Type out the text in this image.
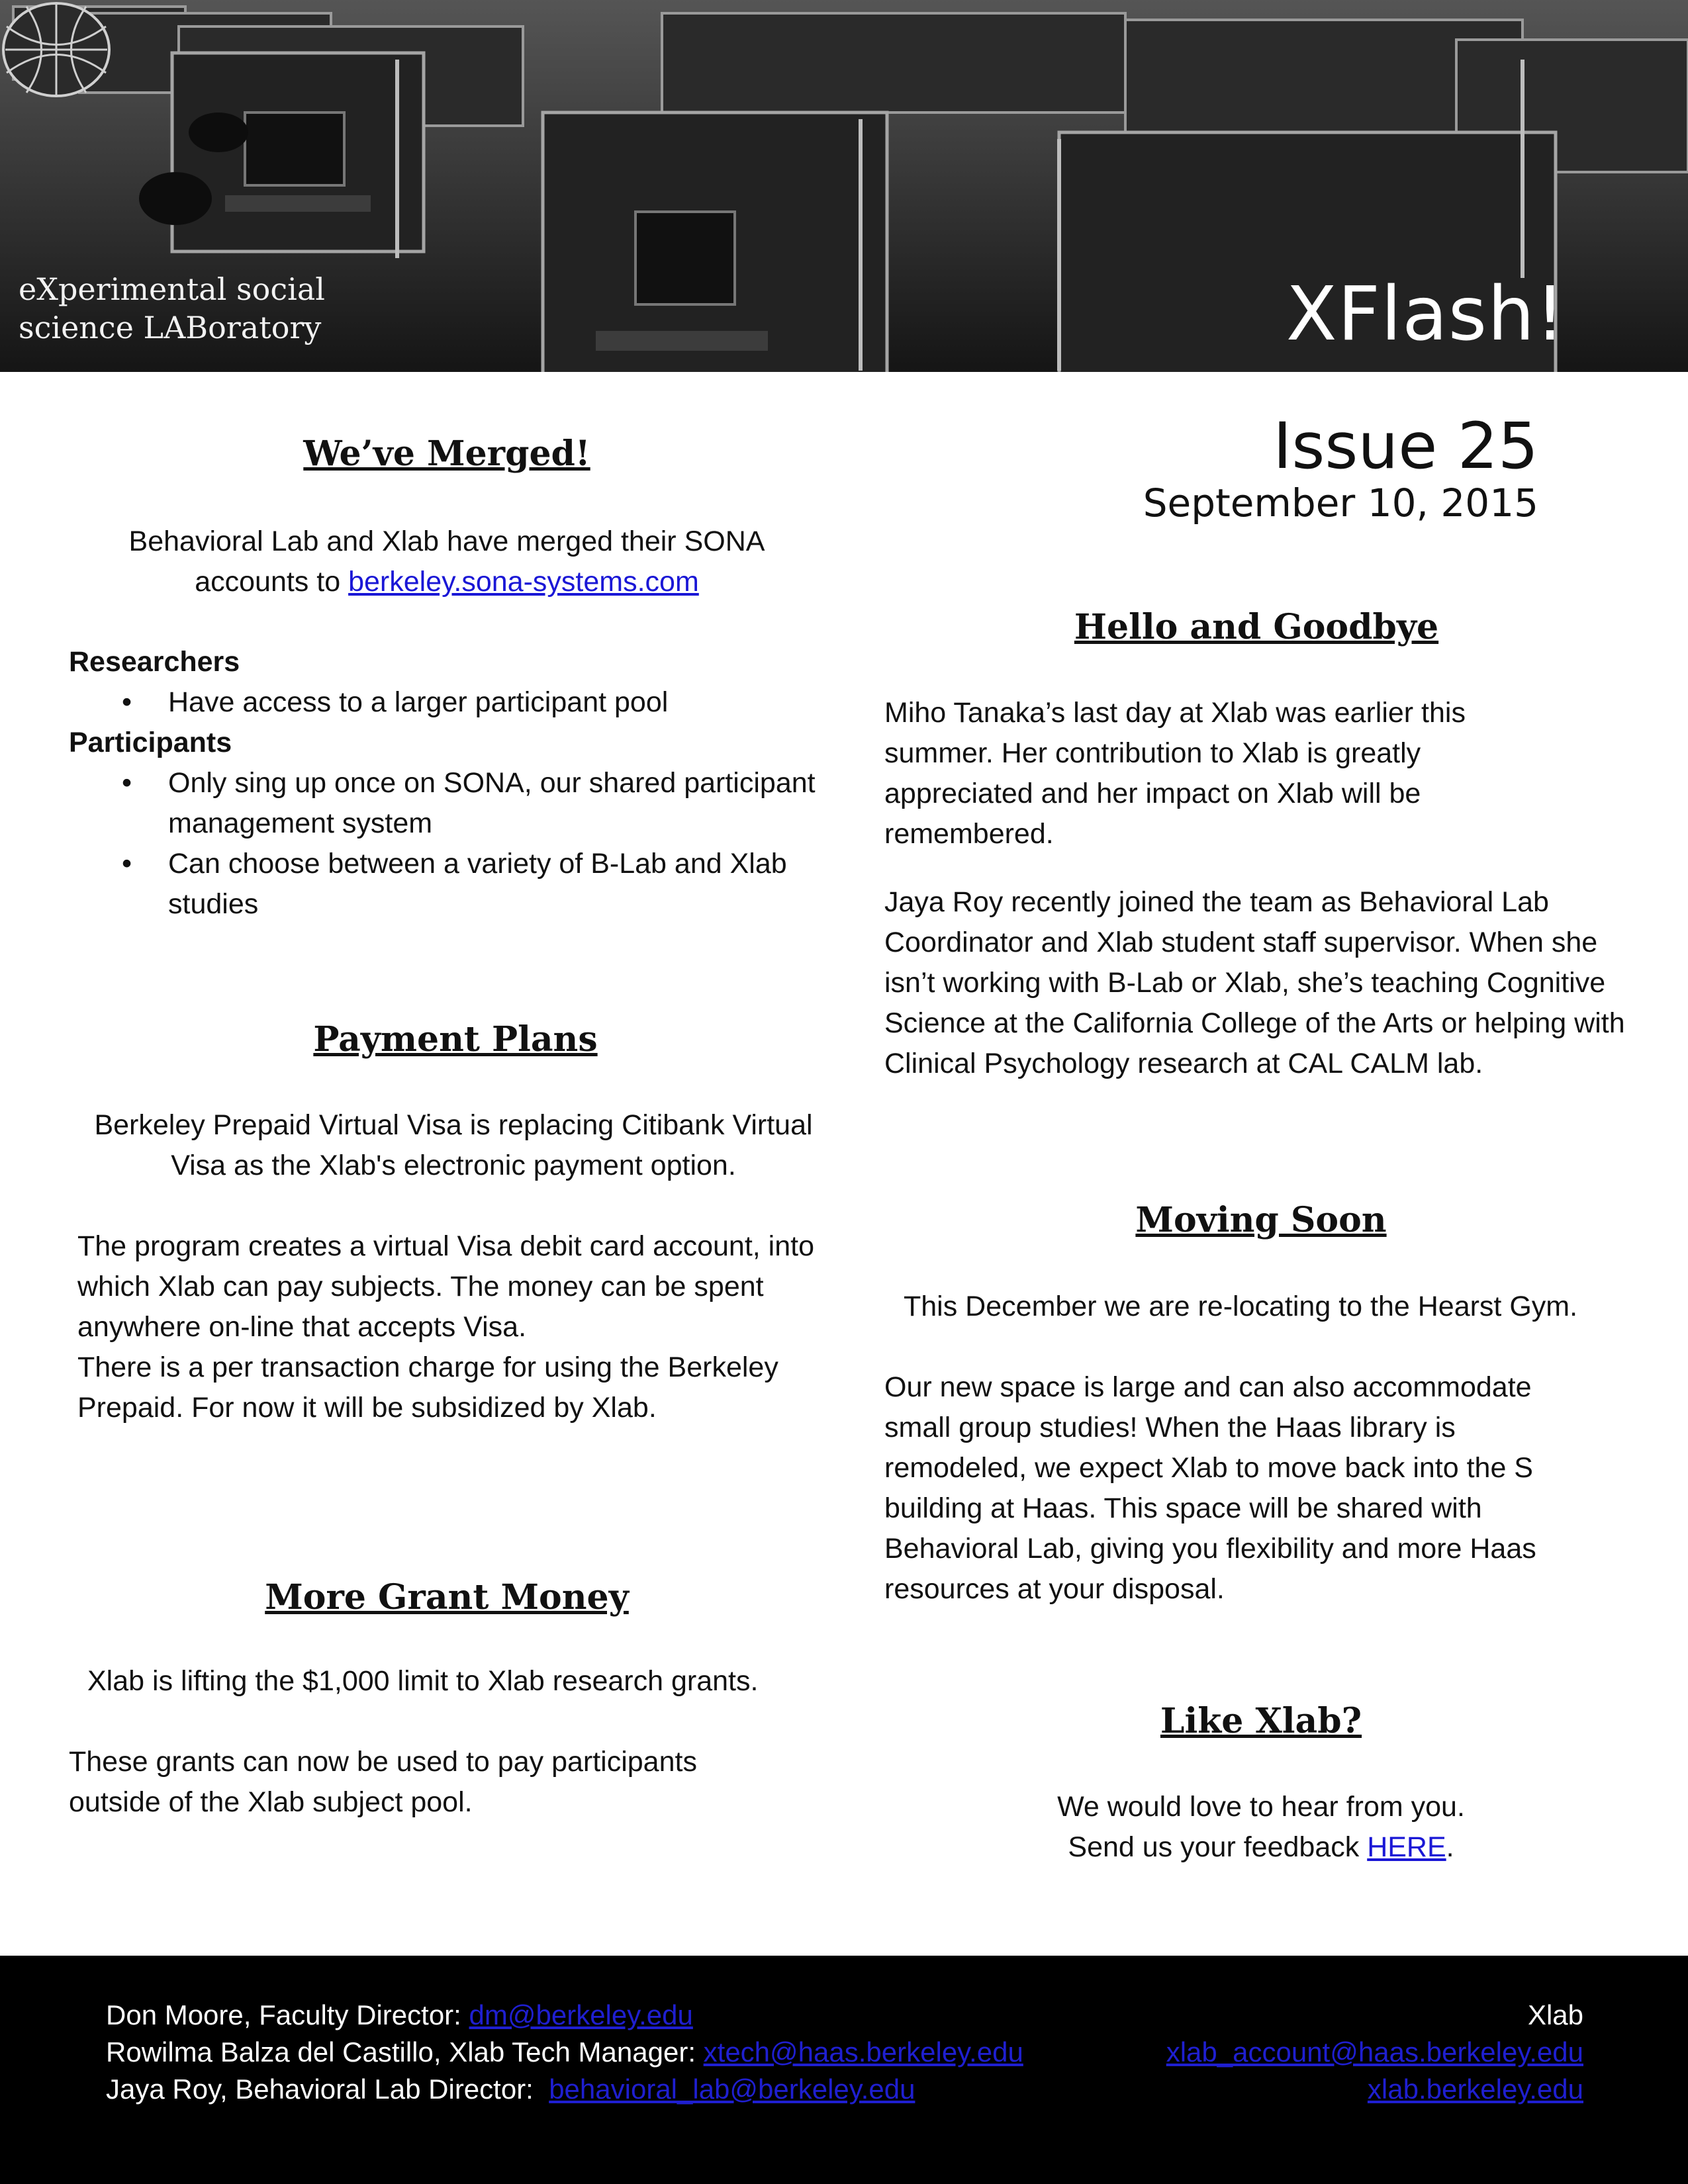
eXperimental social
science LABoratory	XFlash!
We’ve Merged!
Behavioral Lab and Xlab have merged their SONA
accounts to berkeley.sona-systems.com
Researchers
• Have access to a larger participant pool
Participants
• Only sing up once on SONA, our shared participant management system
• Can choose between a variety of B-Lab and Xlab studies
Payment Plans
Berkeley Prepaid Virtual Visa is replacing Citibank Virtual Visa as the Xlab's electronic payment option.
The program creates a virtual Visa debit card account, into which Xlab can pay subjects. The money can be spent anywhere on-line that accepts Visa.
There is a per transaction charge for using the Berkeley Prepaid. For now it will be subsidized by Xlab.
More Grant Money
Xlab is lifting the $1,000 limit to Xlab research grants.
These grants can now be used to pay participants outside of the Xlab subject pool.
Issue 25
September 10, 2015
Hello and Goodbye
Miho Tanaka’s last day at Xlab was earlier this summer. Her contribution to Xlab is greatly appreciated and her impact on Xlab will be remembered.
Jaya Roy recently joined the team as Behavioral Lab Coordinator and Xlab student staff supervisor. When she isn’t working with B-Lab or Xlab, she’s teaching Cognitive Science at the California College of the Arts or helping with Clinical Psychology research at CAL CALM lab.
Moving Soon
This December we are re-locating to the Hearst Gym.
Our new space is large and can also accommodate small group studies! When the Haas library is remodeled, we expect Xlab to move back into the S building at Haas. This space will be shared with Behavioral Lab, giving you flexibility and more Haas resources at your disposal.
Like Xlab?
We would love to hear from you.
Send us your feedback HERE.
Don Moore, Faculty Director: dm@berkeley.edu
Rowilma Balza del Castillo, Xlab Tech Manager: xtech@haas.berkeley.edu
Jaya Roy, Behavioral Lab Director:  behavioral_lab@berkeley.edu
Xlab
xlab_account@haas.berkeley.edu
xlab.berkeley.edu
